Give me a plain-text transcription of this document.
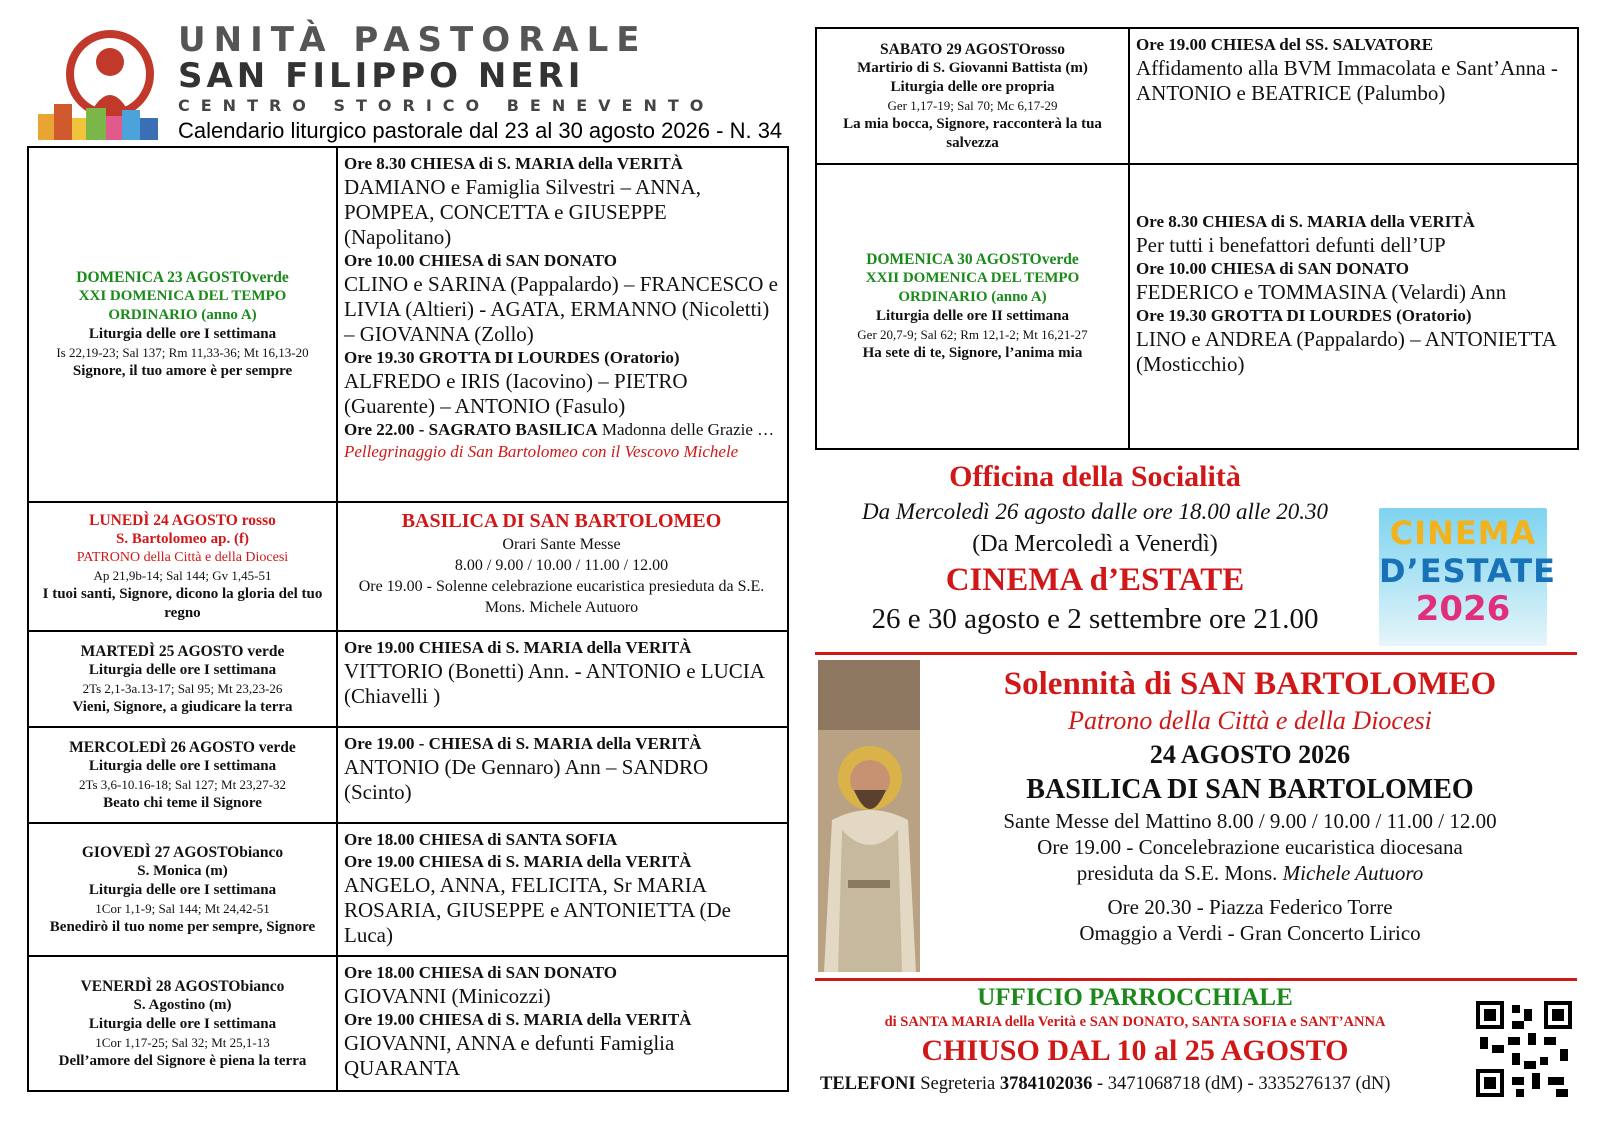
UNITÀ PASTORALE
SAN FILIPPO NERI
CENTRO STORICO BENEVENTO
Calendario liturgico pastorale dal 23 al 30 agosto 2026 - N. 34
DOMENICA 23 AGOSTOverde
XXI DOMENICA DEL TEMPO
ORDINARIO (anno A)
Liturgia delle ore I settimana
Is 22,19-23; Sal 137; Rm 11,33-36; Mt 16,13-20
Signore, il tuo amore è per sempre
Ore 8.30 CHIESA di S. MARIA della VERITÀ
DAMIANO e Famiglia Silvestri – ANNA, POMPEA, CONCETTA e GIUSEPPE (Napolitano)
Ore 10.00 CHIESA di SAN DONATO
CLINO e SARINA (Pappalardo) – FRANCESCO e LIVIA (Altieri) - AGATA, ERMANNO (Nicoletti) – GIOVANNA (Zollo)
Ore 19.30 GROTTA DI LOURDES (Oratorio)
ALFREDO e IRIS (Iacovino) – PIETRO (Guarente) – ANTONIO (Fasulo)
Ore 22.00 - SAGRATO BASILICA Madonna delle Grazie … Pellegrinaggio di San Bartolomeo con il Vescovo Michele
LUNEDÌ 24 AGOSTO rosso
S. Bartolomeo ap. (f)
PATRONO della Città e della Diocesi
Ap 21,9b-14; Sal 144; Gv 1,45-51
I tuoi santi, Signore, dicono la gloria del tuo regno
BASILICA DI SAN BARTOLOMEO
Orari Sante Messe
8.00 / 9.00 / 10.00 / 11.00 / 12.00
Ore 19.00 - Solenne celebrazione eucaristica presieduta da S.E. Mons. Michele Autuoro
MARTEDÌ 25 AGOSTO verde
Liturgia delle ore I settimana
2Ts 2,1-3a.13-17; Sal 95; Mt 23,23-26
Vieni, Signore, a giudicare la terra
Ore 19.00 CHIESA di S. MARIA della VERITÀ
VITTORIO (Bonetti) Ann. - ANTONIO e LUCIA (Chiavelli )
MERCOLEDÌ 26 AGOSTO verde
Liturgia delle ore I settimana
2Ts 3,6-10.16-18; Sal 127; Mt 23,27-32
Beato chi teme il Signore
Ore 19.00 - CHIESA di S. MARIA della VERITÀ
ANTONIO (De Gennaro) Ann – SANDRO (Scinto)
GIOVEDÌ 27 AGOSTObianco
S. Monica (m)
Liturgia delle ore I settimana
1Cor 1,1-9; Sal 144; Mt 24,42-51
Benedirò il tuo nome per sempre, Signore
Ore 18.00 CHIESA di SANTA SOFIA
Ore 19.00 CHIESA di S. MARIA della VERITÀ
ANGELO, ANNA, FELICITA, Sr MARIA ROSARIA, GIUSEPPE e ANTONIETTA (De Luca)
VENERDÌ 28 AGOSTObianco
S. Agostino (m)
Liturgia delle ore I settimana
1Cor 1,17-25; Sal 32; Mt 25,1-13
Dell’amore del Signore è piena la terra
Ore 18.00 CHIESA di SAN DONATO
GIOVANNI (Minicozzi)
Ore 19.00 CHIESA di S. MARIA della VERITÀ
GIOVANNI, ANNA e defunti Famiglia QUARANTA
SABATO 29 AGOSTOrosso
Martirio di S. Giovanni Battista (m)
Liturgia delle ore propria
Ger 1,17-19; Sal 70; Mc 6,17-29
La mia bocca, Signore, racconterà la tua salvezza
Ore 19.00 CHIESA del SS. SALVATORE
Affidamento alla BVM Immacolata e Sant’Anna - ANTONIO e BEATRICE (Palumbo)
DOMENICA 30 AGOSTOverde
XXII DOMENICA DEL TEMPO
ORDINARIO (anno A)
Liturgia delle ore II settimana
Ger 20,7-9; Sal 62; Rm 12,1-2; Mt 16,21-27
Ha sete di te, Signore, l’anima mia
Ore 8.30 CHIESA di S. MARIA della VERITÀ
Per tutti i benefattori defunti dell’UP
Ore 10.00 CHIESA di SAN DONATO
FEDERICO e TOMMASINA (Velardi) Ann
Ore 19.30 GROTTA DI LOURDES (Oratorio)
LINO e ANDREA (Pappalardo) – ANTONIETTA (Mosticchio)
Officina della Socialità
Da Mercoledì 26 agosto dalle ore 18.00 alle 20.30
(Da Mercoledì a Venerdì)
CINEMA d’ESTATE
26 e 30 agosto e 2 settembre ore 21.00
CINEMA
D’ESTATE
2026
Solennità di SAN BARTOLOMEO
Patrono della Città e della Diocesi
24 AGOSTO 2026
BASILICA DI SAN BARTOLOMEO
Sante Messe del Mattino 8.00 / 9.00 / 10.00 / 11.00 / 12.00
Ore 19.00 - Concelebrazione eucaristica diocesana
presiduta da S.E. Mons. Michele Autuoro
Ore 20.30 - Piazza Federico Torre
Omaggio a Verdi - Gran Concerto Lirico
UFFICIO PARROCCHIALE
di SANTA MARIA della Verità e SAN DONATO, SANTA SOFIA e SANT’ANNA
CHIUSO DAL 10 al 25 AGOSTO
TELEFONI Segreteria 3784102036 - 3471068718 (dM) - 3335276137 (dN)
